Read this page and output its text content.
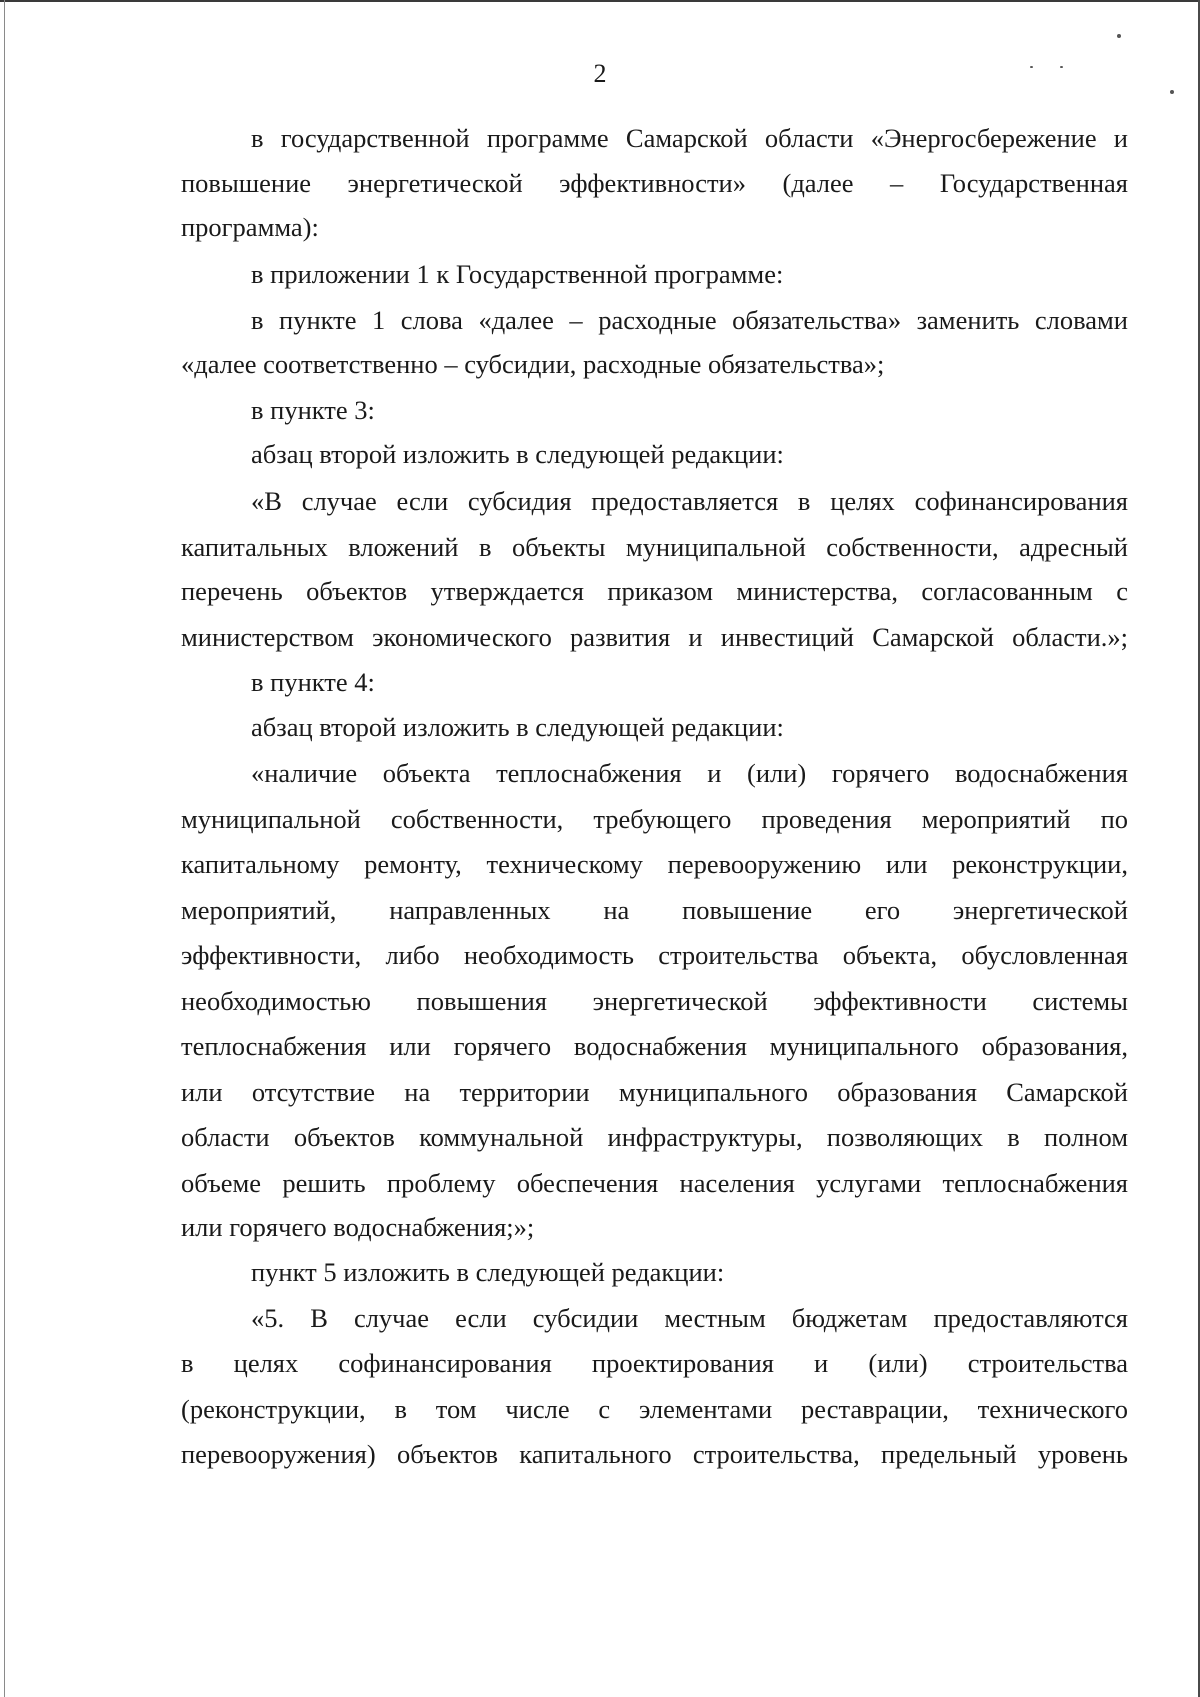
2
в государственной программе Самарской области «Энергосбережение и
повышение энергетической эффективности» (далее – Государственная
программа):
в приложении 1 к Государственной программе:
в пункте 1 слова «далее – расходные обязательства» заменить словами
«далее соответственно – субсидии, расходные обязательства»;
в пункте 3:
абзац второй изложить в следующей редакции:
«В случае если субсидия предоставляется в целях софинансирования
капитальных вложений в объекты муниципальной собственности, адресный
перечень объектов утверждается приказом министерства, согласованным с
министерством экономического развития и инвестиций Самарской области.»;
в пункте 4:
абзац второй изложить в следующей редакции:
«наличие объекта теплоснабжения и (или) горячего водоснабжения
муниципальной собственности, требующего проведения мероприятий по
капитальному ремонту, техническому перевооружению или реконструкции,
мероприятий, направленных на повышение его энергетической
эффективности, либо необходимость строительства объекта, обусловленная
необходимостью повышения энергетической эффективности системы
теплоснабжения или горячего водоснабжения муниципального образования,
или отсутствие на территории муниципального образования Самарской
области объектов коммунальной инфраструктуры, позволяющих в полном
объеме решить проблему обеспечения населения услугами теплоснабжения
или горячего водоснабжения;»;
пункт 5 изложить в следующей редакции:
«5. В случае если субсидии местным бюджетам предоставляются
в целях софинансирования проектирования и (или) строительства
(реконструкции, в том числе с элементами реставрации, технического
перевооружения) объектов капитального строительства, предельный уровень
